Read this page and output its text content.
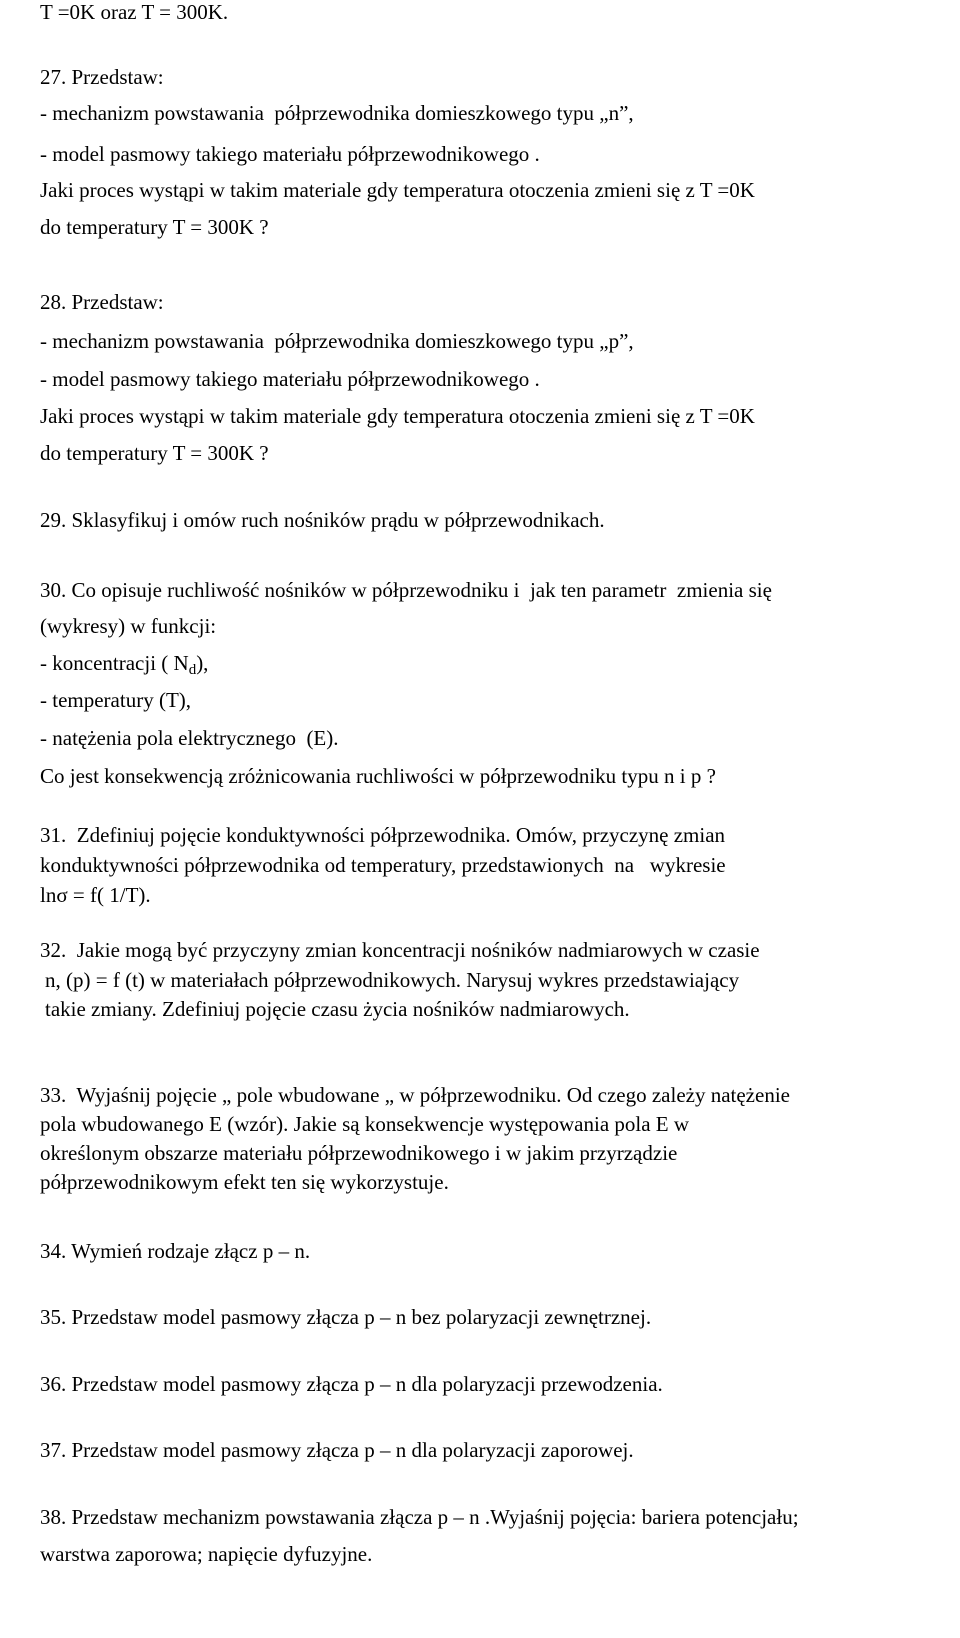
T =0K oraz T = 300K.
27. Przedstaw:
- mechanizm powstawania  półprzewodnika domieszkowego typu „n”,
- model pasmowy takiego materiału półprzewodnikowego .
Jaki proces wystąpi w takim materiale gdy temperatura otoczenia zmieni się z T =0K
do temperatury T = 300K ?
28. Przedstaw:
- mechanizm powstawania  półprzewodnika domieszkowego typu „p”,
- model pasmowy takiego materiału półprzewodnikowego .
Jaki proces wystąpi w takim materiale gdy temperatura otoczenia zmieni się z T =0K
do temperatury T = 300K ?
29. Sklasyfikuj i omów ruch nośników prądu w półprzewodnikach.
30. Co opisuje ruchliwość nośników w półprzewodniku i  jak ten parametr  zmienia się
(wykresy) w funkcji:
- koncentracji ( $N_d$),
- temperatury (T),
- natężenia pola elektrycznego  (E).
Co jest konsekwencją zróżnicowania ruchliwości w półprzewodniku typu n i p ?
31.  Zdefiniuj pojęcie konduktywności półprzewodnika. Omów, przyczynę zmian
konduktywności półprzewodnika od temperatury, przedstawionych  na   wykresie
lnσ = f( 1/T).
32.  Jakie mogą być przyczyny zmian koncentracji nośników nadmiarowych w czasie
n, (p) = f (t) w materiałach półprzewodnikowych. Narysuj wykres przedstawiający
takie zmiany. Zdefiniuj pojęcie czasu życia nośników nadmiarowych.
33.  Wyjaśnij pojęcie „ pole wbudowane „ w półprzewodniku. Od czego zależy natężenie
pola wbudowanego E (wzór). Jakie są konsekwencje występowania pola E w
określonym obszarze materiału półprzewodnikowego i w jakim przyrządzie
półprzewodnikowym efekt ten się wykorzystuje.
34. Wymień rodzaje złącz p – n.
35. Przedstaw model pasmowy złącza p – n bez polaryzacji zewnętrznej.
36. Przedstaw model pasmowy złącza p – n dla polaryzacji przewodzenia.
37. Przedstaw model pasmowy złącza p – n dla polaryzacji zaporowej.
38. Przedstaw mechanizm powstawania złącza p – n .Wyjaśnij pojęcia: bariera potencjału;
warstwa zaporowa; napięcie dyfuzyjne.
